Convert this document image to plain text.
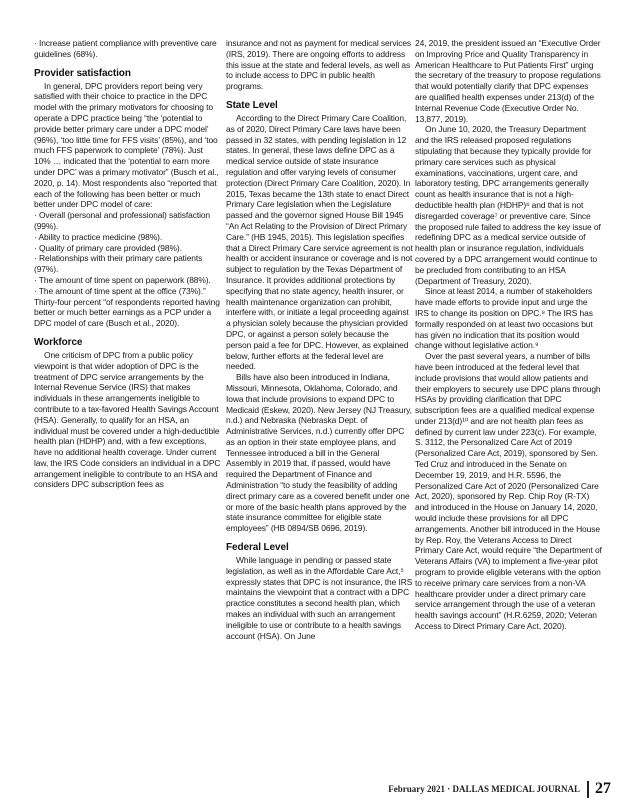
· Increase patient compliance with preventive care guidelines (68%).

Provider satisfaction

In general, DPC providers report being very satisfied with their choice to practice in the DPC model with the primary motivators for choosing to operate a DPC practice being “the ‘potential to provide better primary care under a DPC model’ (96%), ‘too little time for FFS visits’ (85%), and ‘too much FFS paperwork to complete’ (78%). Just 10% … indicated that the ‘potential to earn more under DPC’ was a primary motivator” (Busch et al., 2020, p. 14). Most respondents also “reported that each of the following has been better or much better under DPC model of care:

· Overall (personal and professional) satisfaction (99%).

· Ability to practice medicine (98%).

· Quality of primary care provided (98%).

· Relationships with their primary care patients (97%).

· The amount of time spent on paperwork (88%).

· The amount of time spent at the office (73%).” Thirty-four percent “of respondents reported having better or much better earnings as a PCP under a DPC model of care (Busch et al., 2020).

Workforce

One criticism of DPC from a public policy viewpoint is that wider adoption of DPC is the treatment of DPC service arrangements by the Internal Revenue Service (IRS) that makes individuals in these arrangements ineligible to contribute to a tax-favored Health Savings Account (HSA). Generally, to qualify for an HSA, an individual must be covered under a high-deductible health plan (HDHP) and, with a few exceptions, have no additional health coverage. Under current law, the IRS Code considers an individual in a DPC arrangement ineligible to contribute to an HSA and considers DPC subscription fees as

insurance and not as payment for medical services (IRS, 2019). There are ongoing efforts to address this issue at the state and federal levels, as well as to include access to DPC in public health programs.

State Level

According to the Direct Primary Care Coalition, as of 2020, Direct Primary Care laws have been passed in 32 states, with pending legislation in 12 states. In general, these laws define DPC as a medical service outside of state insurance regulation and offer varying levels of consumer protection (Direct Primary Care Coalition, 2020). In 2015, Texas became the 13th state to enact Direct Primary Care legislation when the Legislature passed and the governor signed House Bill 1945 “An Act Relating to the Provision of Direct Primary Care.” (HB 1945, 2015). This legislation specifies that a Direct Primary Care service agreement is not health or accident insurance or coverage and is not subject to regulation by the Texas Department of Insurance. It provides additional protections by specifying that no state agency, health insurer, or health maintenance organization can prohibit, interfere with, or initiate a legal proceeding against a physician solely because the physician provided DPC, or against a person solely because the person paid a fee for DPC. However, as explained below, further efforts at the federal level are needed.

Bills have also been introduced in Indiana, Missouri, Minnesota, Oklahoma, Colorado, and Iowa that include provisions to expand DPC to Medicaid (Eskew, 2020). New Jersey (NJ Treasury, n.d.) and Nebraska (Nebraska Dept. of Administrative Services, n.d.) currently offer DPC as an option in their state employee plans, and Tennessee introduced a bill in the General Assembly in 2019 that, if passed, would have required the Department of Finance and Administration “to study the feasibility of adding direct primary care as a covered benefit under one or more of the basic health plans approved by the state insurance committee for eligible state employees” (HB 0894/SB 0696, 2019).

Federal Level

While language in pending or passed state legislation, as well as in the Affordable Care Act,⁵ expressly states that DPC is not insurance, the IRS maintains the viewpoint that a contract with a DPC practice constitutes a second health plan, which makes an individual with such an arrangement ineligible to use or contribute to a health savings account (HSA). On June

24, 2019, the president issued an “Executive Order on Improving Price and Quality Transparency in American Healthcare to Put Patients First” urging the secretary of the treasury to propose regulations that would potentially clarify that DPC expenses are qualified health expenses under 213(d) of the Internal Revenue Code (Executive Order No. 13,877, 2019).

On June 10, 2020, the Treasury Department and the IRS released proposed regulations stipulating that because they typically provide for primary care services such as physical examinations, vaccinations, urgent care, and laboratory testing, DPC arrangements generally count as health insurance that is not a high-deductible health plan (HDHP)⁶ and that is not disregarded coverage⁷ or preventive care. Since the proposed rule failed to address the key issue of redefining DPC as a medical service outside of health plan or insurance regulation, individuals covered by a DPC arrangement would continue to be precluded from contributing to an HSA (Department of Treasury, 2020).

Since at least 2014, a number of stakeholders have made efforts to provide input and urge the IRS to change its position on DPC.⁸ The IRS has formally responded on at least two occasions but has given no indication that its position would change without legislative action.⁹

Over the past several years, a number of bills have been introduced at the federal level that include provisions that would allow patients and their employers to securely use DPC plans through HSAs by providing clarification that DPC subscription fees are a qualified medical expense under 213(d)¹⁰ and are not health plan fees as defined by current law under 223(c). For example, S. 3112, the Personalized Care Act of 2019 (Personalized Care Act, 2019), sponsored by Sen. Ted Cruz and introduced in the Senate on December 19, 2019, and H.R. 5596, the Personalized Care Act of 2020 (Personalized Care Act, 2020), sponsored by Rep. Chip Roy (R-TX) and introduced in the House on January 14, 2020, would include these provisions for all DPC arrangements. Another bill introduced in the House by Rep. Roy, the Veterans Access to Direct Primary Care Act, would require “the Department of Veterans Affairs (VA) to implement a five-year pilot program to provide eligible veterans with the option to receive primary care services from a non-VA healthcare provider under a direct primary care service arrangement through the use of a veteran health savings account” (H.R.6259, 2020; Veteran Access to Direct Primary Care Act, 2020).

February 2021 · DALLAS MEDICAL JOURNAL 27
